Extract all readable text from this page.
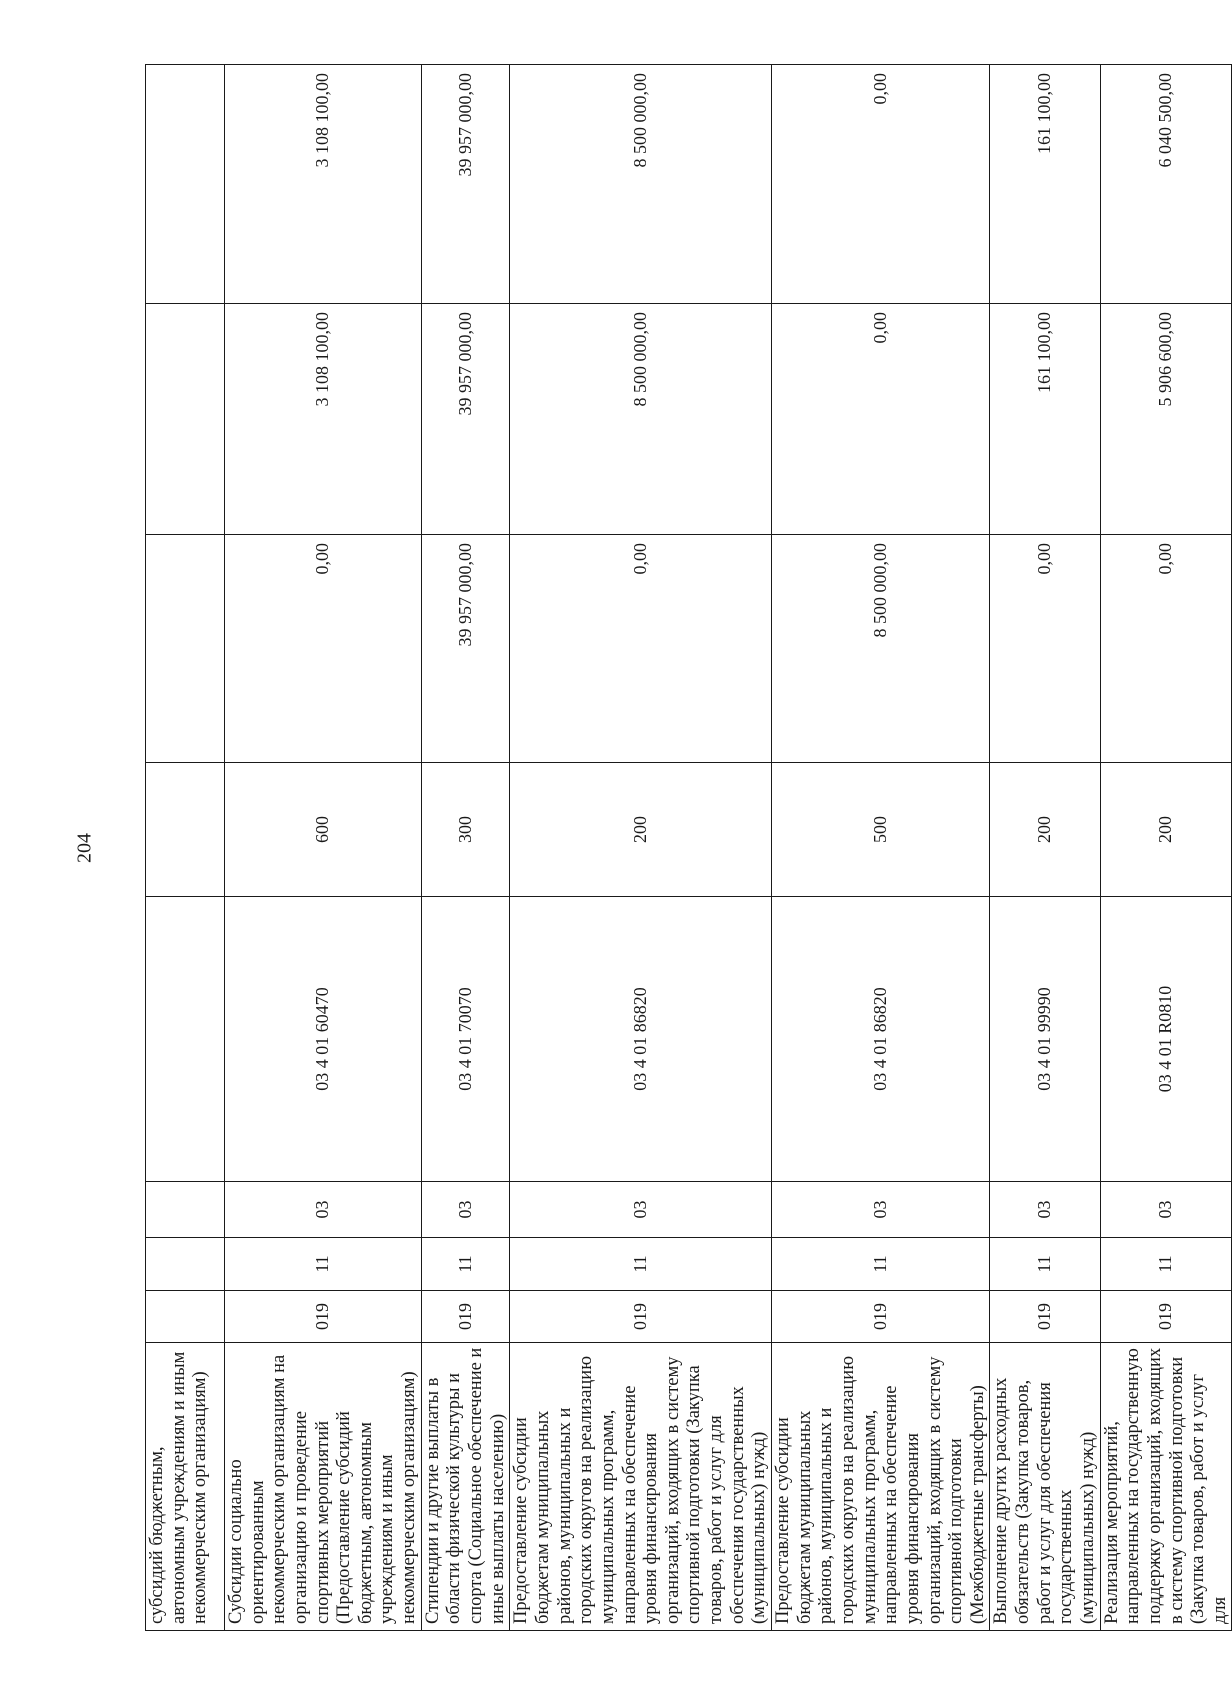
204
субсидий бюджетным, автономным учреждениям и иным некоммерческим организациям)								
Субсидии социально ориентированным некоммерческим организациям на организацию и проведение спортивных мероприятий (Предоставление субсидий бюджетным, автономным учреждениям и иным некоммерческим организациям)	019	11	03	03 4 01 60470	600	0,00	3 108 100,00	3 108 100,00
Стипендии и другие выплаты в области физической культуры и спорта (Социальное обеспечение и иные выплаты населению)	019	11	03	03 4 01 70070	300	39 957 000,00	39 957 000,00	39 957 000,00
Предоставление субсидии бюджетам муниципальных районов, муниципальных и городских округов на реализацию муниципальных программ, направленных на обеспечение уровня финансирования организаций, входящих в систему спортивной подготовки (Закупка товаров, работ и услуг для обеспечения государственных (муниципальных) нужд)	019	11	03	03 4 01 86820	200	0,00	8 500 000,00	8 500 000,00
Предоставление субсидии бюджетам муниципальных районов, муниципальных и городских округов на реализацию муниципальных программ, направленных на обеспечение уровня финансирования организаций, входящих в систему спортивной подготовки (Межбюджетные трансферты)	019	11	03	03 4 01 86820	500	8 500 000,00	0,00	0,00
Выполнение других расходных обязательств (Закупка товаров, работ и услуг для обеспечения государственных (муниципальных) нужд)	019	11	03	03 4 01 99990	200	0,00	161 100,00	161 100,00
Реализация мероприятий, направленных на государственную поддержку организаций, входящих в систему спортивной подготовки (Закупка товаров, работ и услуг для	019	11	03	03 4 01 R0810	200	0,00	5 906 600,00	6 040 500,00
